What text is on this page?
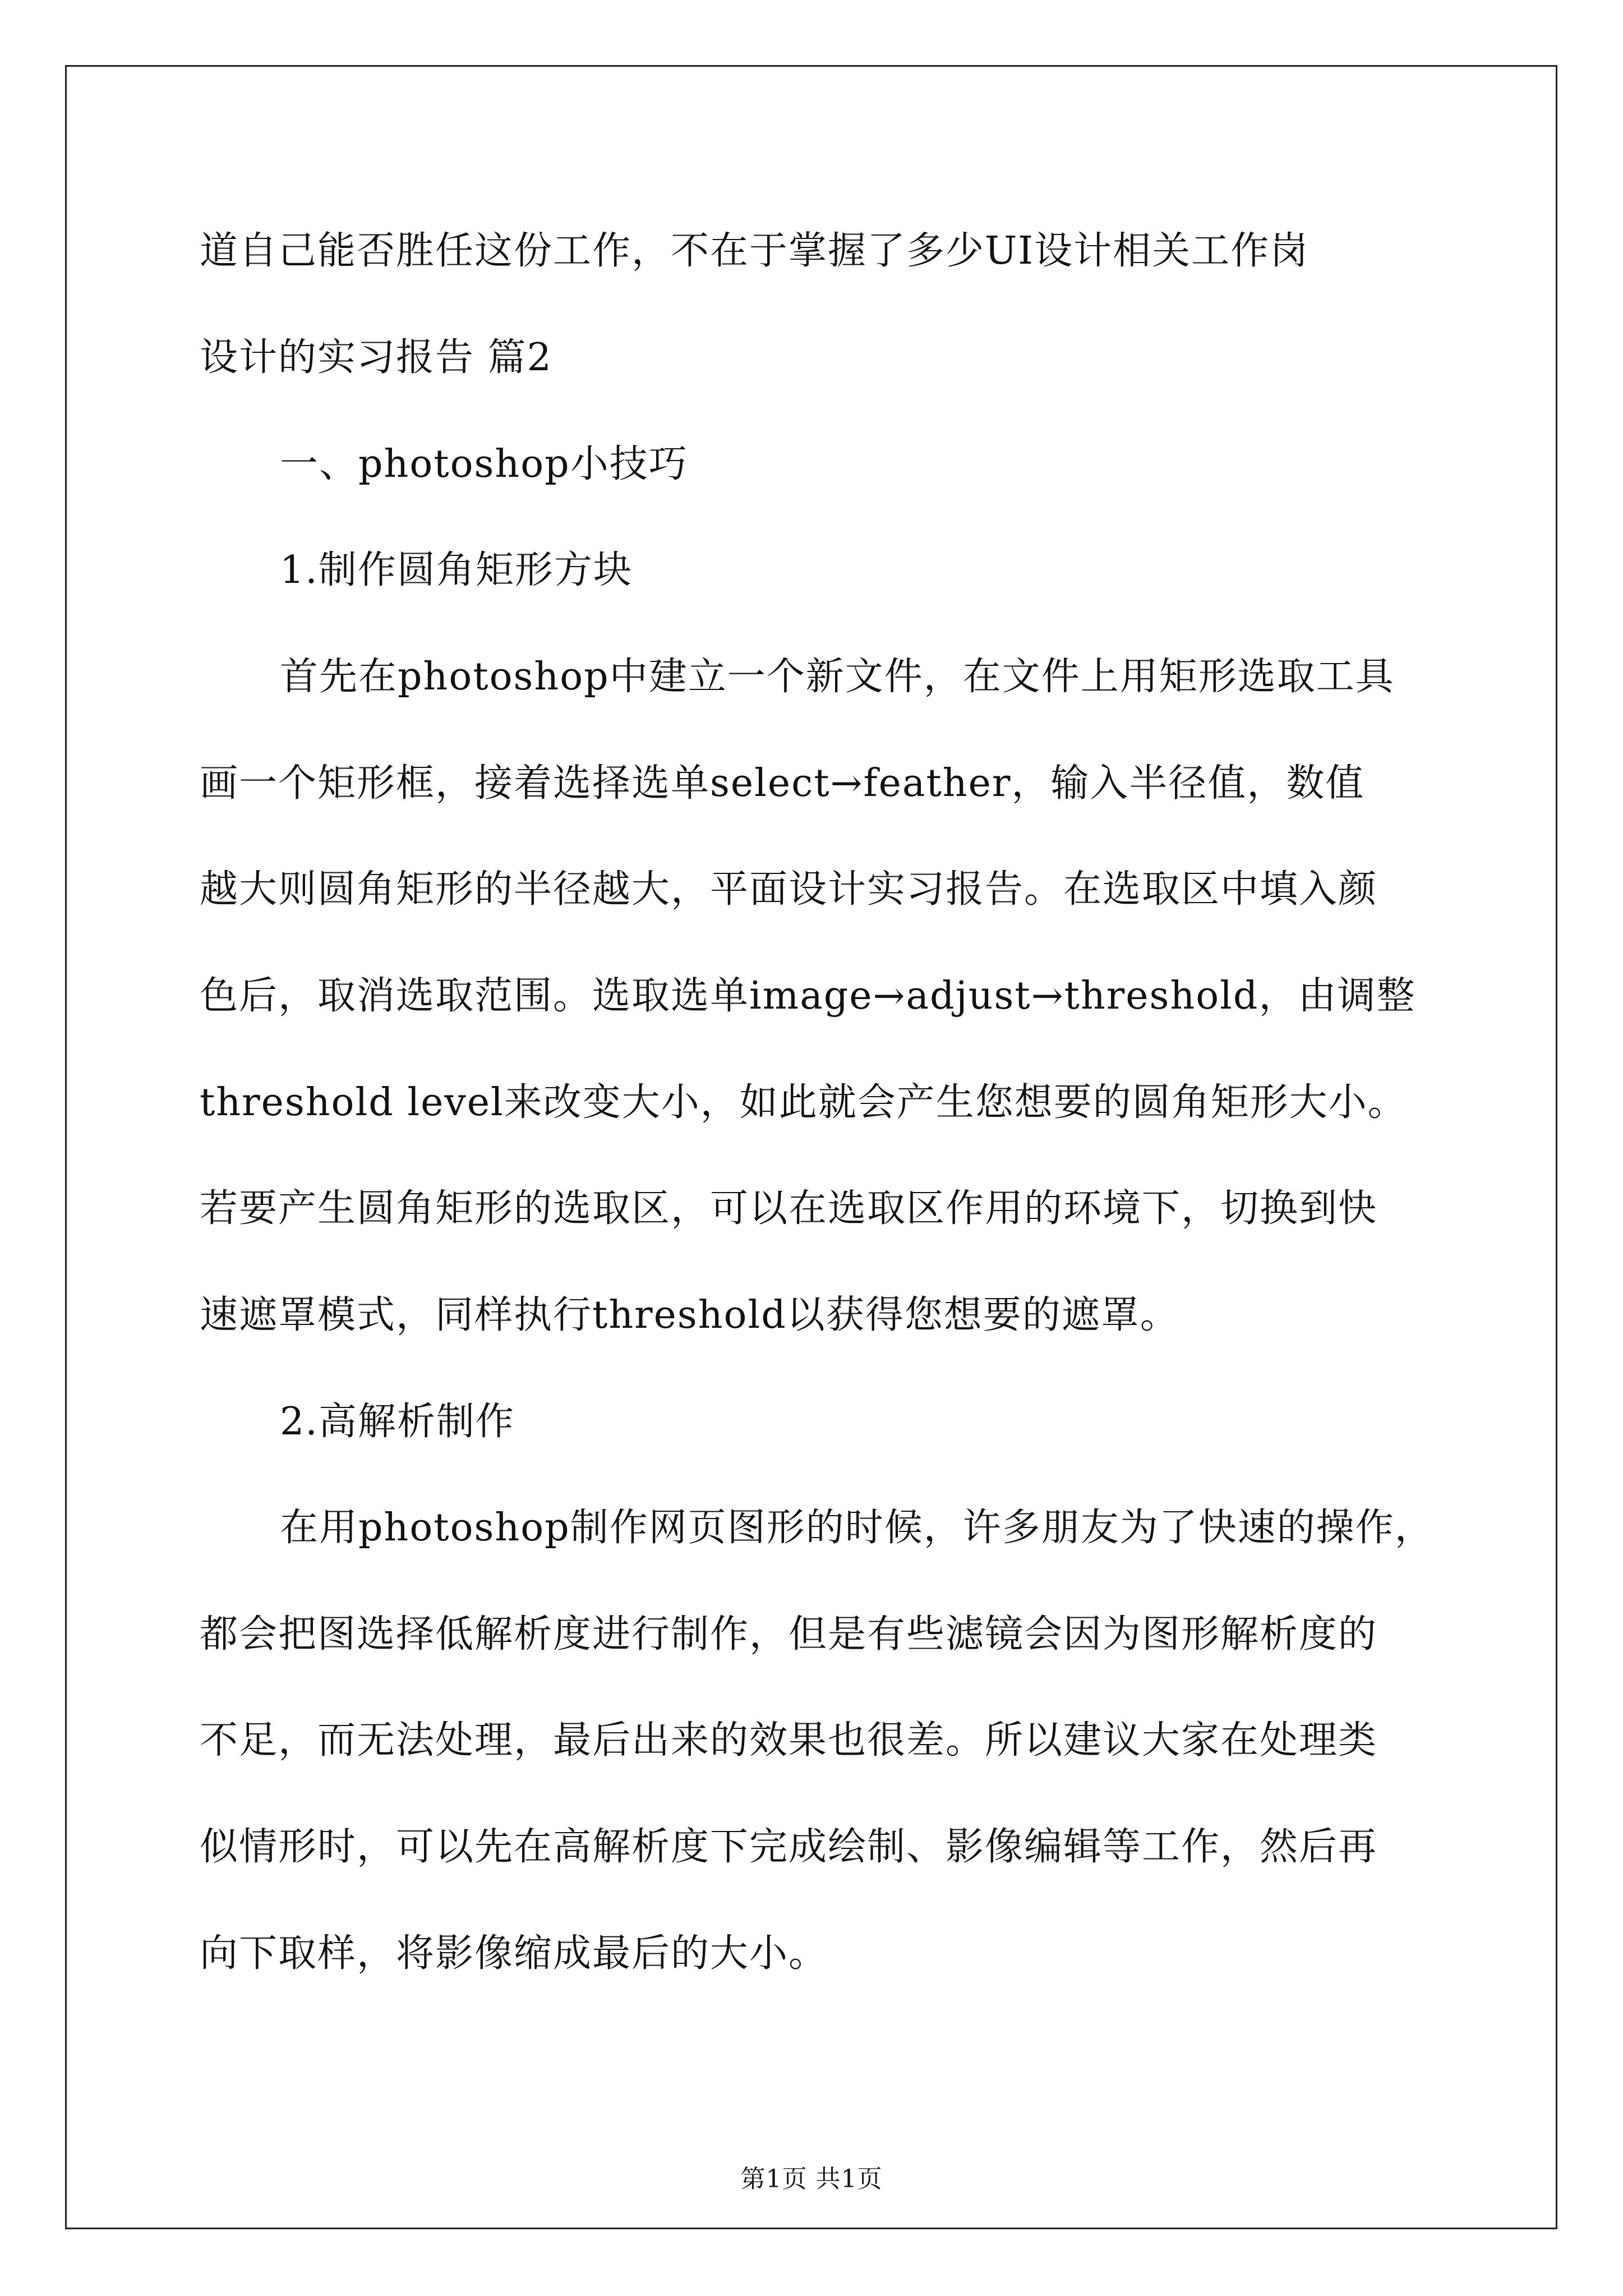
道自己能否胜任这份工作，不在于掌握了多少UI设计相关工作岗
设计的实习报告 篇2
一、photoshop小技巧
1.制作圆角矩形方块
首先在photoshop中建立一个新文件，在文件上用矩形选取工具
画一个矩形框，接着选择选单select→feather，输入半径值，数值
越大则圆角矩形的半径越大，平面设计实习报告。在选取区中填入颜
色后，取消选取范围。选取选单image→adjust→threshold，由调整
threshold level来改变大小，如此就会产生您想要的圆角矩形大小。
若要产生圆角矩形的选取区，可以在选取区作用的环境下，切换到快
速遮罩模式，同样执行threshold以获得您想要的遮罩。
2.高解析制作
在用photoshop制作网页图形的时候，许多朋友为了快速的操作，
都会把图选择低解析度进行制作，但是有些滤镜会因为图形解析度的
不足，而无法处理，最后出来的效果也很差。所以建议大家在处理类
似情形时，可以先在高解析度下完成绘制、影像编辑等工作，然后再
向下取样，将影像缩成最后的大小。
第1页 共1页
